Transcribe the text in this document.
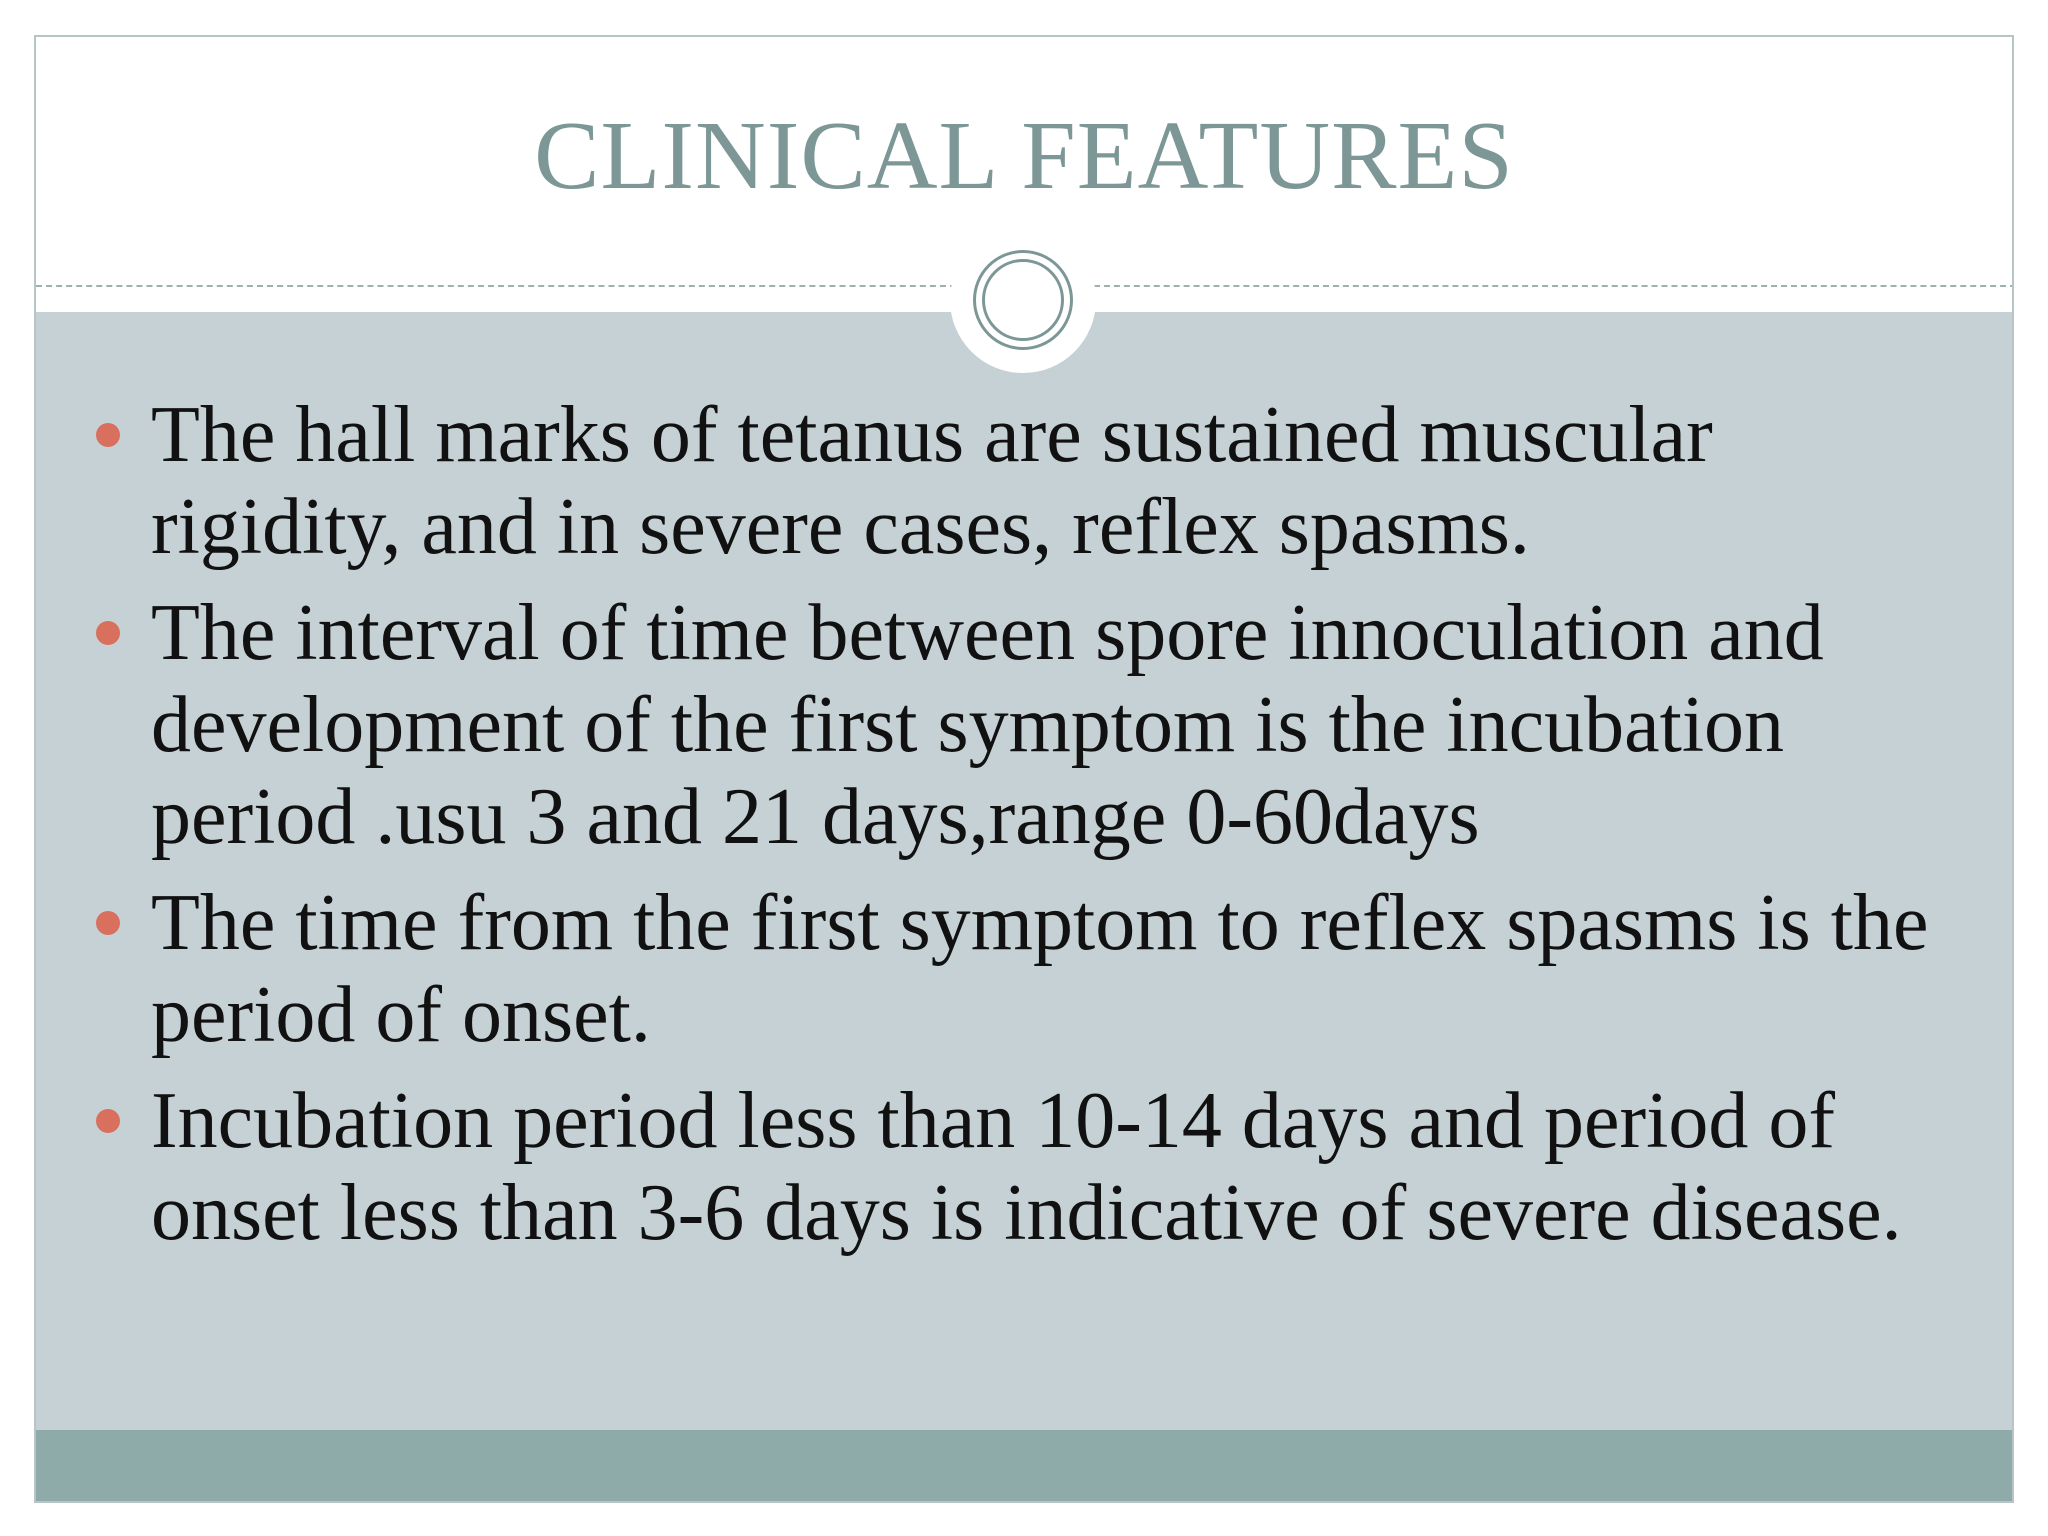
CLINICAL FEATURES
The hall marks of tetanus are sustained muscular rigidity, and in severe cases, reflex spasms.
The interval of time between spore innoculation and development of the first symptom is the incubation period .usu 3 and 21 days,range 0-60days
The time from the first symptom to reflex spasms is the period of onset.
Incubation period less than 10-14 days and period of onset less than 3-6 days is indicative of severe disease.
